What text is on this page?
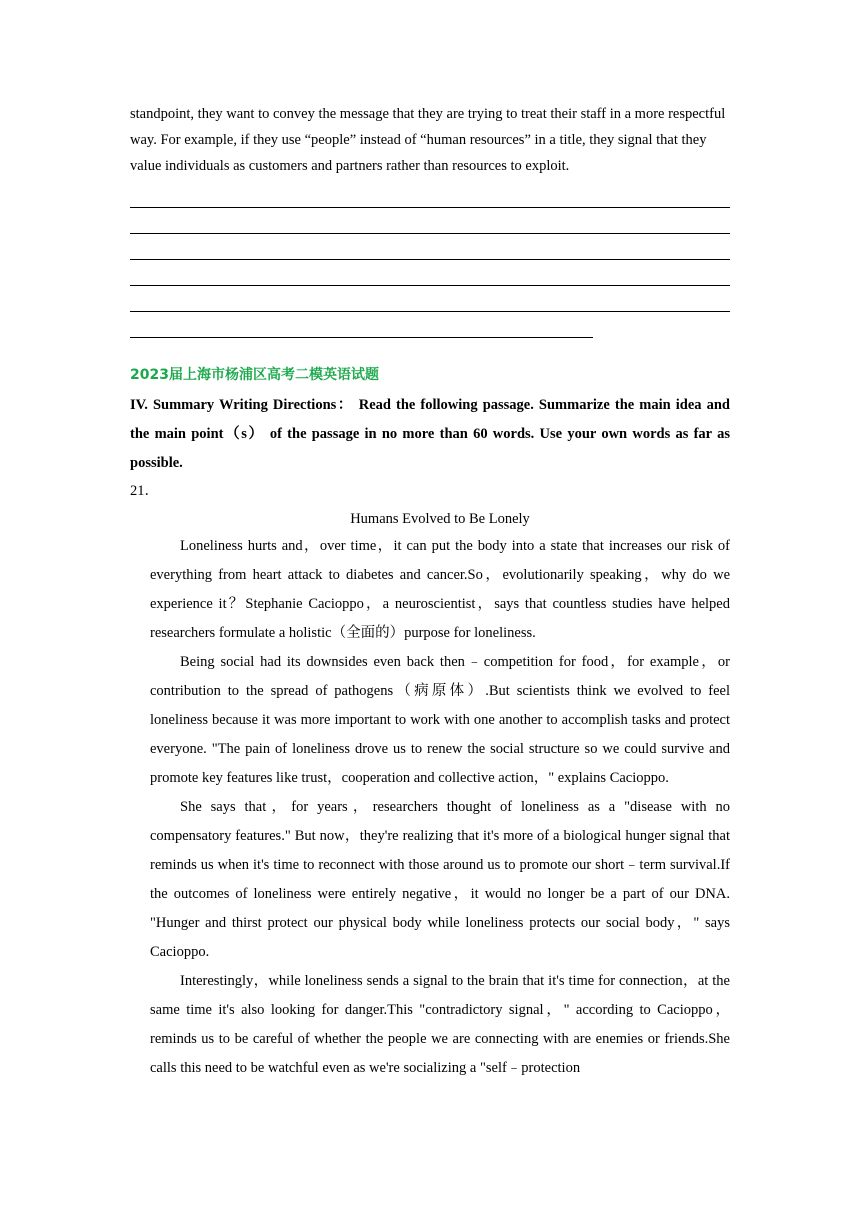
standpoint, they want to convey the message that they are trying to treat their staff in a more respectful way. For example, if they use “people” instead of “human resources” in a title, they signal that they value individuals as customers and partners rather than resources to exploit.

2023届上海市杨浦区高考二模英语试题

IV. Summary Writing Directions： Read the following passage. Summarize the main idea and the main point（s） of the passage in no more than 60 words. Use your own words as far as possible.

21．
Humans Evolved to Be Lonely

Loneliness hurts and，over time，it can put the body into a state that increases our risk of everything from heart attack to diabetes and cancer.So，evolutionarily speaking，why do we experience it？Stephanie Cacioppo，a neuroscientist，says that countless studies have helped researchers formulate a holistic（全面的）purpose for loneliness.

Being social had its downsides even back then﹣competition for food，for example，or contribution to the spread of pathogens（病原体）.But scientists think we evolved to feel loneliness because it was more important to work with one another to accomplish tasks and protect everyone. "The pain of loneliness drove us to renew the social structure so we could survive and promote key features like trust，cooperation and collective action，" explains Cacioppo.

She says that，for years，researchers thought of loneliness as a "disease with no compensatory features." But now，they're realizing that it's more of a biological hunger signal that reminds us when it's time to reconnect with those around us to promote our short﹣term survival.If the outcomes of loneliness were entirely negative，it would no longer be a part of our DNA. "Hunger and thirst protect our physical body while loneliness protects our social body，" says Cacioppo.

Interestingly，while loneliness sends a signal to the brain that it's time for connection，at the same time it's also looking for danger.This "contradictory signal，" according to Cacioppo，reminds us to be careful of whether the people we are connecting with are enemies or friends.She calls this need to be watchful even as we're socializing a "self﹣protection
